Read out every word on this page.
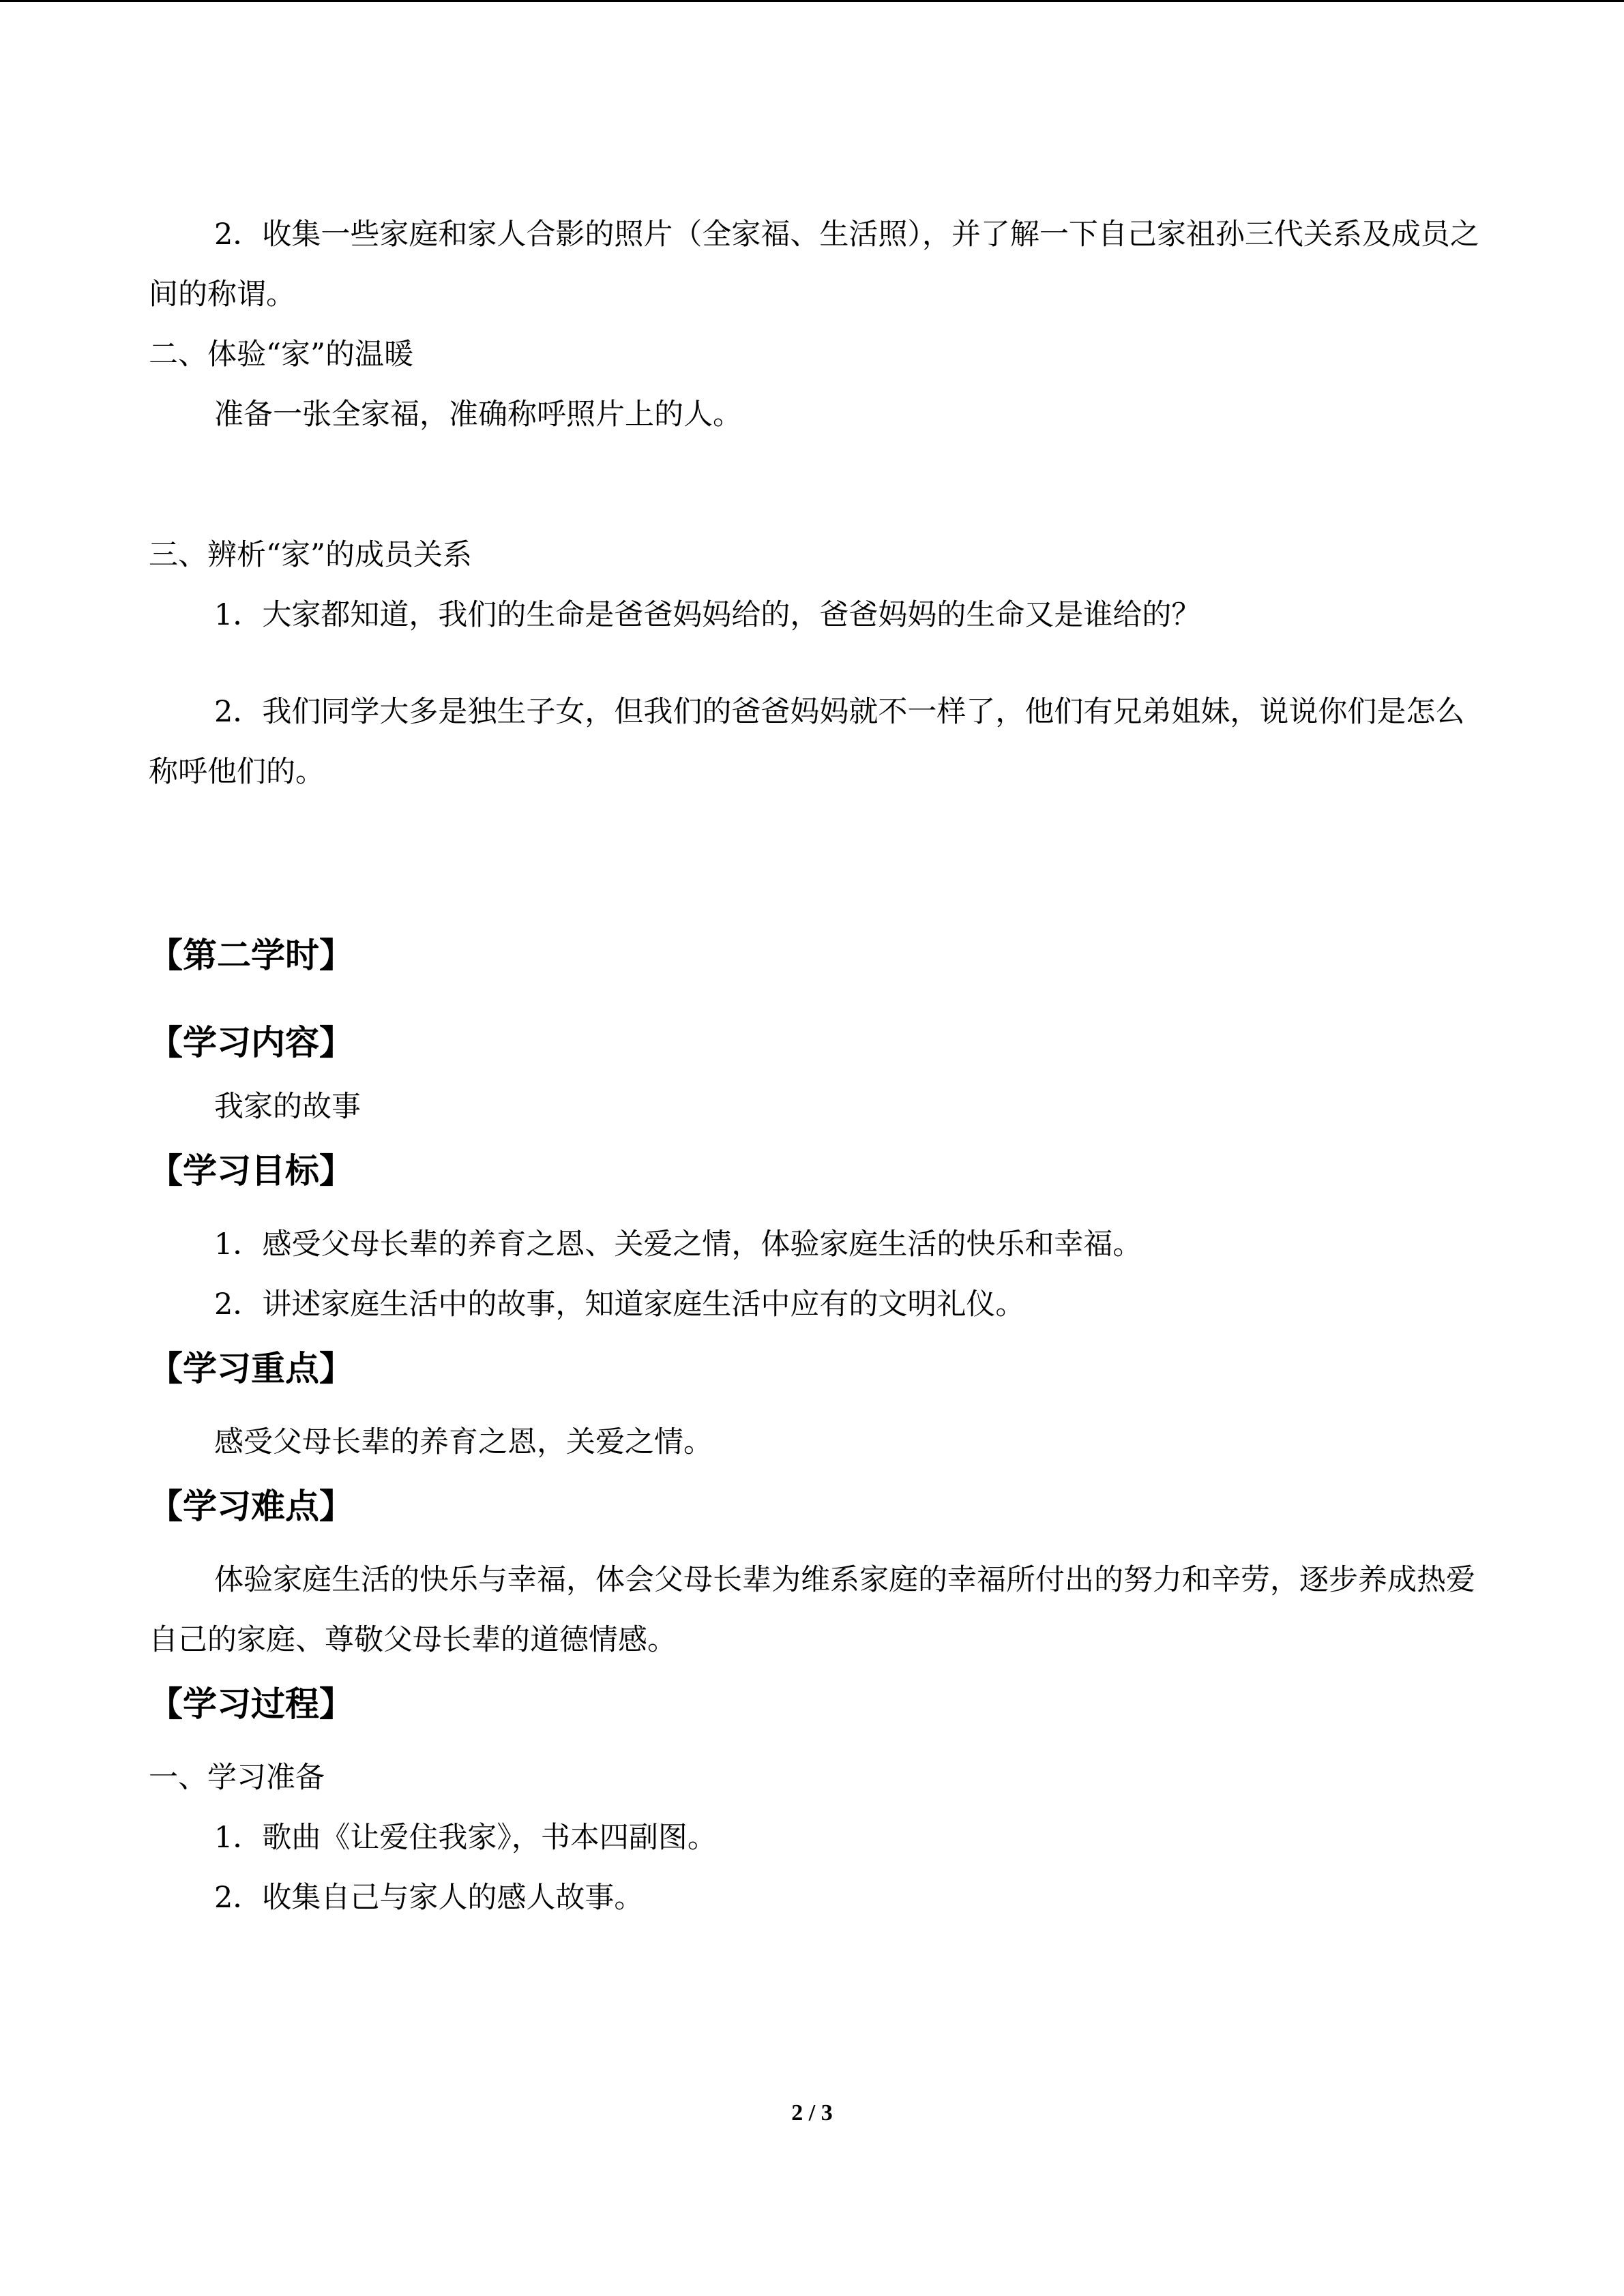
2．收集一些家庭和家人合影的照片（全家福、生活照），并了解一下自己家祖孙三代关系及成员之间的称谓。

二、体验“家”的温暖

准备一张全家福，准确称呼照片上的人。

三、辨析“家”的成员关系

1．大家都知道，我们的生命是爸爸妈妈给的，爸爸妈妈的生命又是谁给的？

2．我们同学大多是独生子女，但我们的爸爸妈妈就不一样了，他们有兄弟姐妹，说说你们是怎么称呼他们的。

【第二学时】

【学习内容】

我家的故事

【学习目标】

1．感受父母长辈的养育之恩、关爱之情，体验家庭生活的快乐和幸福。

2．讲述家庭生活中的故事，知道家庭生活中应有的文明礼仪。

【学习重点】

感受父母长辈的养育之恩，关爱之情。

【学习难点】

体验家庭生活的快乐与幸福，体会父母长辈为维系家庭的幸福所付出的努力和辛劳，逐步养成热爱自己的家庭、尊敬父母长辈的道德情感。

【学习过程】

一、学习准备

1．歌曲《让爱住我家》，书本四副图。

2．收集自己与家人的感人故事。

2 / 3
